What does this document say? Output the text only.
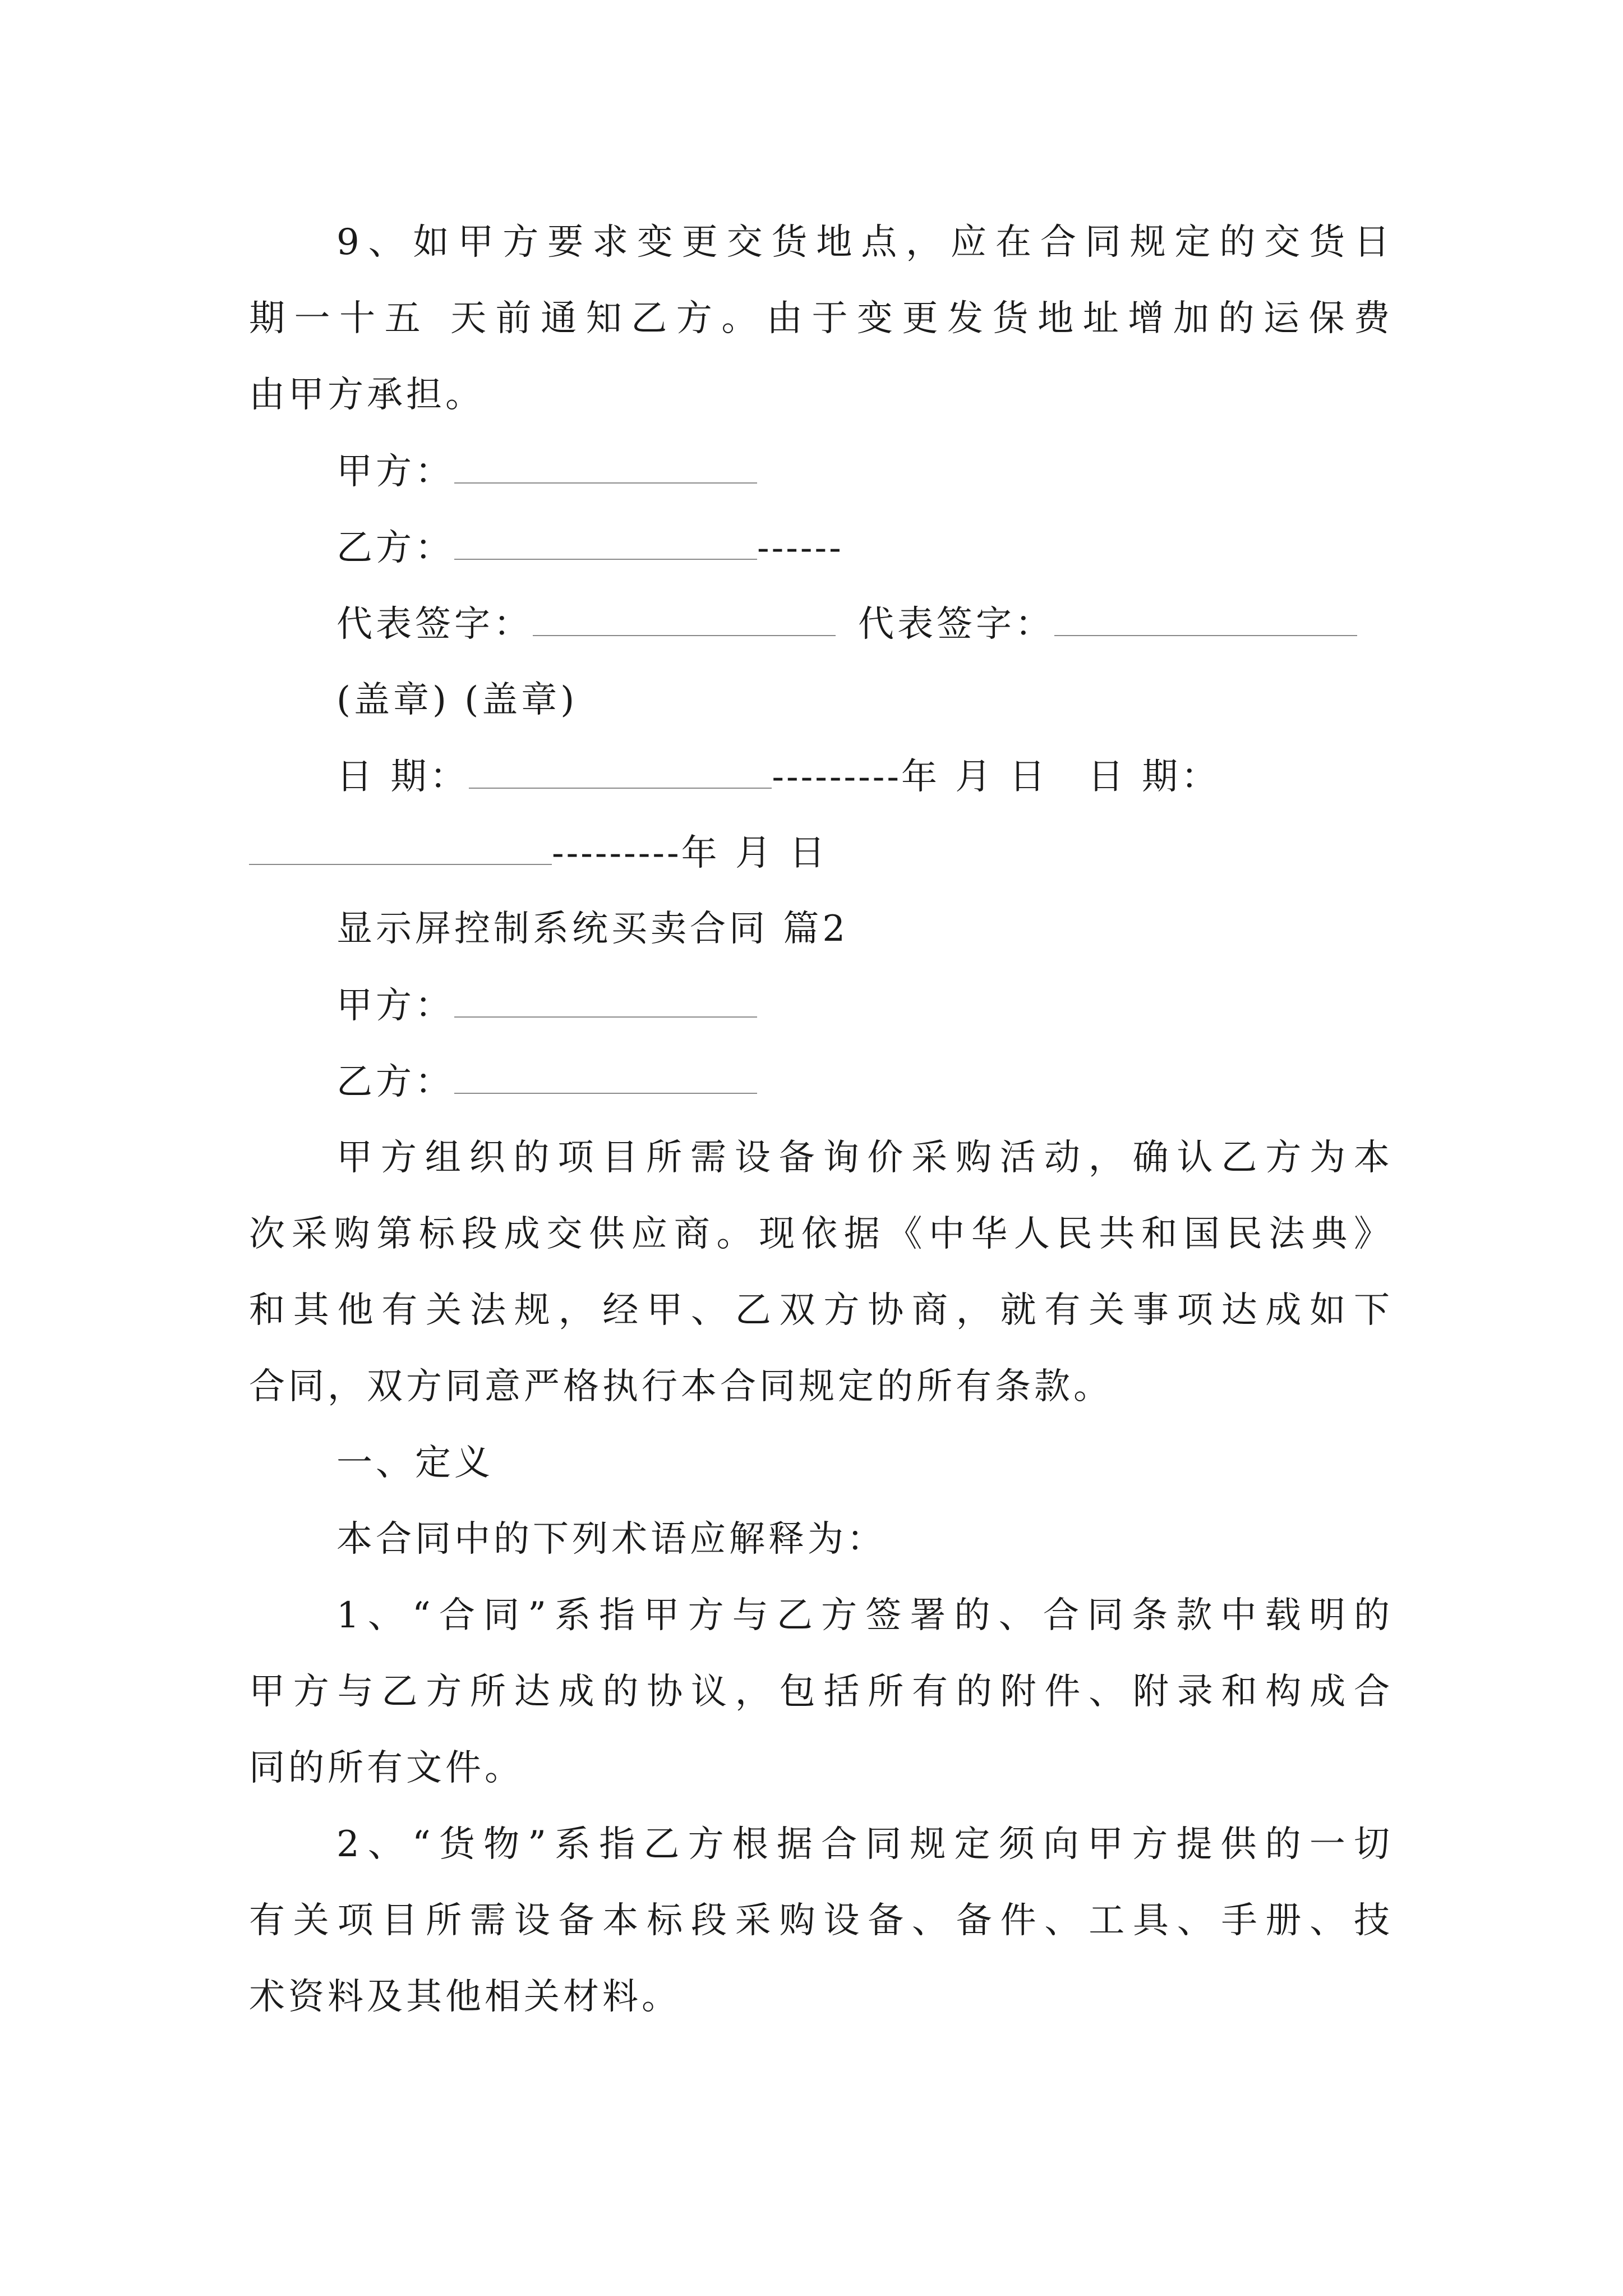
9、如甲方要求变更交货地点，应在合同规定的交货日
期一十五 天前通知乙方。由于变更发货地址增加的运保费
由甲方承担。
甲方：
乙方：	------
代表签字：	代表签字：
(盖章) (盖章)
日 期：	---------年 月 日 日 期：
---------年 月 日
显示屏控制系统买卖合同 篇2
甲方：
乙方：
甲方组织的项目所需设备询价采购活动，确认乙方为本
次采购第标段成交供应商。现依据《中华人民共和国民法典》
和其他有关法规，经甲、乙双方协商，就有关事项达成如下
合同，双方同意严格执行本合同规定的所有条款。
一、定义
本合同中的下列术语应解释为：
1、“合同”系指甲方与乙方签署的、合同条款中载明的
甲方与乙方所达成的协议，包括所有的附件、附录和构成合
同的所有文件。
2、“货物”系指乙方根据合同规定须向甲方提供的一切
有关项目所需设备本标段采购设备、备件、工具、手册、技
术资料及其他相关材料。
